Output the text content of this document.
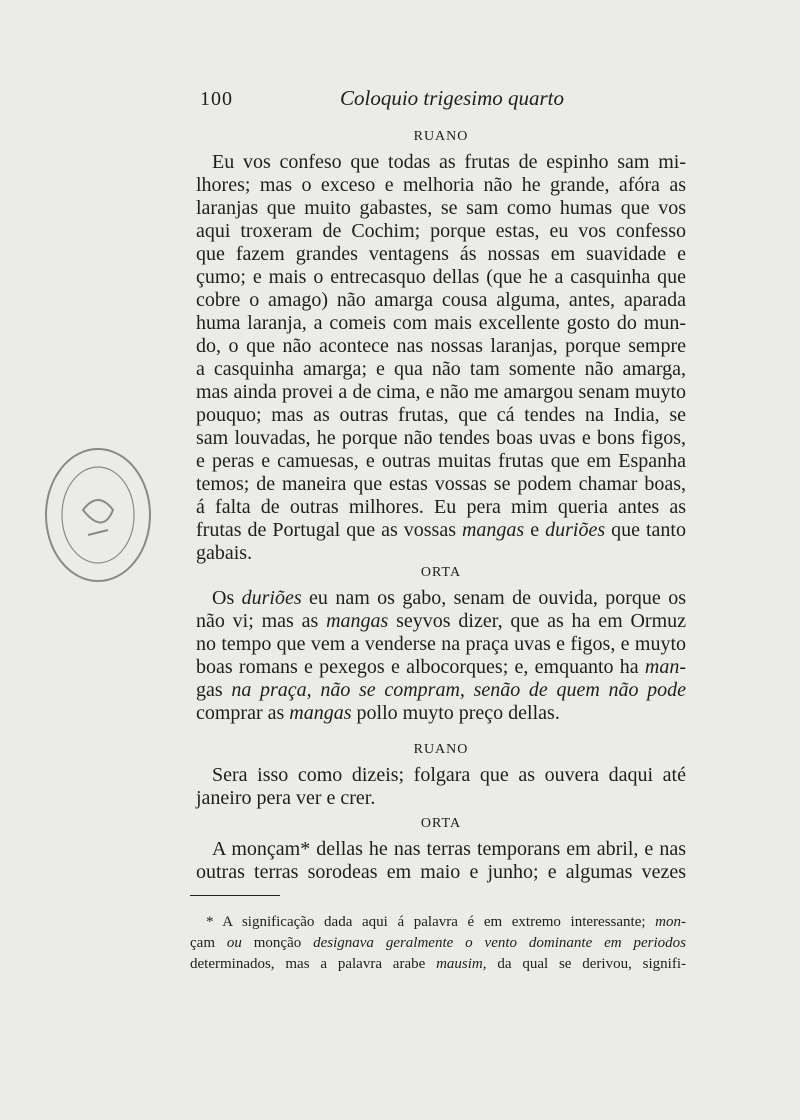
100	Coloquio trigesimo quarto
RUANO
Eu vos confeso que todas as frutas de espinho sam mi-
lhores; mas o exceso e melhoria não he grande, afóra as
laranjas que muito gabastes, se sam como humas que vos
aqui troxeram de Cochim; porque estas, eu vos confesso
que fazem grandes ventagens ás nossas em suavidade e
çumo; e mais o entrecasquo dellas (que he a casquinha que
cobre o amago) não amarga cousa alguma, antes, aparada
huma laranja, a comeis com mais excellente gosto do mun-
do, o que não acontece nas nossas laranjas, porque sempre
a casquinha amarga; e qua não tam somente não amarga,
mas ainda provei a de cima, e não me amargou senam muyto
pouquo; mas as outras frutas, que cá tendes na India, se
sam louvadas, he porque não tendes boas uvas e bons figos,
e peras e camuesas, e outras muitas frutas que em Espanha
temos; de maneira que estas vossas se podem chamar boas,
á falta de outras milhores. Eu pera mim queria antes as
frutas de Portugal que as vossas mangas e duriões que tanto
gabais.
ORTA
Os duriões eu nam os gabo, senam de ouvida, porque os
não vi; mas as mangas seyvos dizer, que as ha em Ormuz
no tempo que vem a venderse na praça uvas e figos, e muyto
boas romans e pexegos e albocorques; e, emquanto ha man-
gas na praça, não se compram, senão de quem não pode
comprar as mangas pollo muyto preço dellas.
RUANO
Sera isso como dizeis; folgara que as ouvera daqui até
janeiro pera ver e crer.
ORTA
A monçam* dellas he nas terras temporans em abril, e nas
outras terras sorodeas em maio e junho; e algumas vezes
* A significação dada aqui á palavra é em extremo interessante; mon-
çam ou monção designava geralmente o vento dominante em periodos
determinados, mas a palavra arabe mausim, da qual se derivou, signifi-
